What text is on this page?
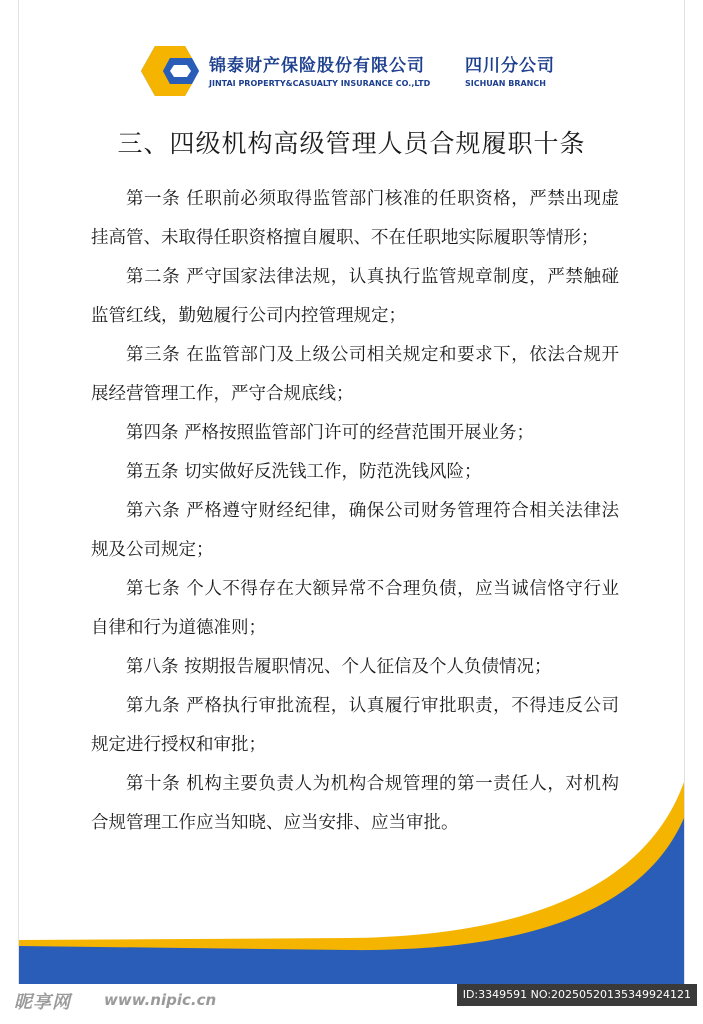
锦泰财产保险股份有限公司 四川分公司
JINTAI PROPERTY&CASUALTY INSURANCE CO.,LTD	SICHUAN BRANCH
三、四级机构高级管理人员合规履职十条

第一条 任职前必须取得监管部门核准的任职资格，严禁出现虚挂高管、未取得任职资格擅自履职、不在任职地实际履职等情形；

第二条 严守国家法律法规，认真执行监管规章制度，严禁触碰监管红线，勤勉履行公司内控管理规定；

第三条 在监管部门及上级公司相关规定和要求下，依法合规开展经营管理工作，严守合规底线；

第四条 严格按照监管部门许可的经营范围开展业务；

第五条 切实做好反洗钱工作，防范洗钱风险；

第六条 严格遵守财经纪律，确保公司财务管理符合相关法律法规及公司规定；

第七条 个人不得存在大额异常不合理负债，应当诚信恪守行业自律和行为道德准则；

第八条 按期报告履职情况、个人征信及个人负债情况；

第九条 严格执行审批流程，认真履行审批职责，不得违反公司规定进行授权和审批；

第十条 机构主要负责人为机构合规管理的第一责任人，对机构合规管理工作应当知晓、应当安排、应当审批。

昵享网 www.nipic.cn	ID:3349591 NO:20250520135349924121
